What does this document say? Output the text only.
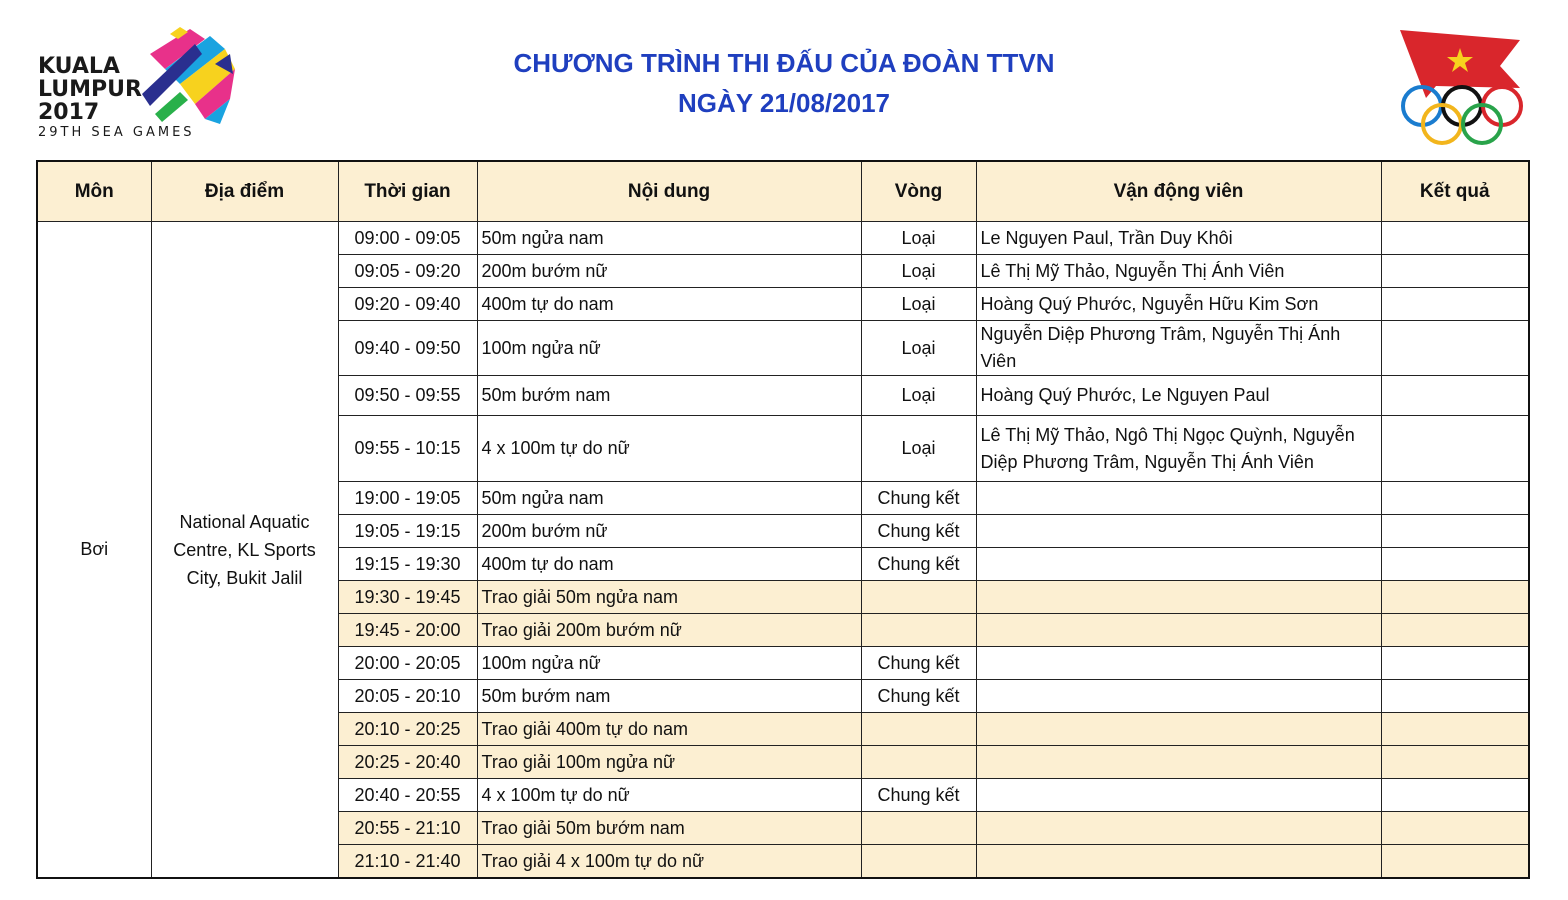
KUALA
LUMPUR
2017
29TH SEA GAMES
CHƯƠNG TRÌNH THI ĐẤU CỦA ĐOÀN TTVN
NGÀY 21/08/2017
Môn	Địa điểm	Thời gian	Nội dung	Vòng	Vận động viên	Kết quả
Bơi	National Aquatic Centre, KL Sports City, Bukit Jalil	09:00 - 09:05	50m ngửa nam	Loại	Le Nguyen Paul, Trần Duy Khôi	
		09:05 - 09:20	200m bướm nữ	Loại	Lê Thị Mỹ Thảo, Nguyễn Thị Ánh Viên	
		09:20 - 09:40	400m tự do nam	Loại	Hoàng Quý Phước, Nguyễn Hữu Kim Sơn	
		09:40 - 09:50	100m ngửa nữ	Loại	Nguyễn Diệp Phương Trâm, Nguyễn Thị Ánh Viên	
		09:50 - 09:55	50m bướm nam	Loại	Hoàng Quý Phước, Le Nguyen Paul	
		09:55 - 10:15	4 x 100m tự do nữ	Loại	Lê Thị Mỹ Thảo, Ngô Thị Ngọc Quỳnh, Nguyễn Diệp Phương Trâm, Nguyễn Thị Ánh Viên	
		19:00 - 19:05	50m ngửa nam	Chung kết		
		19:05 - 19:15	200m bướm nữ	Chung kết		
		19:15 - 19:30	400m tự do nam	Chung kết		
		19:30 - 19:45	Trao giải 50m ngửa nam			
		19:45 - 20:00	Trao giải 200m bướm nữ			
		20:00 - 20:05	100m ngửa nữ	Chung kết		
		20:05 - 20:10	50m bướm nam	Chung kết		
		20:10 - 20:25	Trao giải 400m tự do nam			
		20:25 - 20:40	Trao giải 100m ngửa nữ			
		20:40 - 20:55	4 x 100m tự do nữ	Chung kết		
		20:55 - 21:10	Trao giải 50m bướm nam			
		21:10 - 21:40	Trao giải 4 x 100m tự do nữ			
